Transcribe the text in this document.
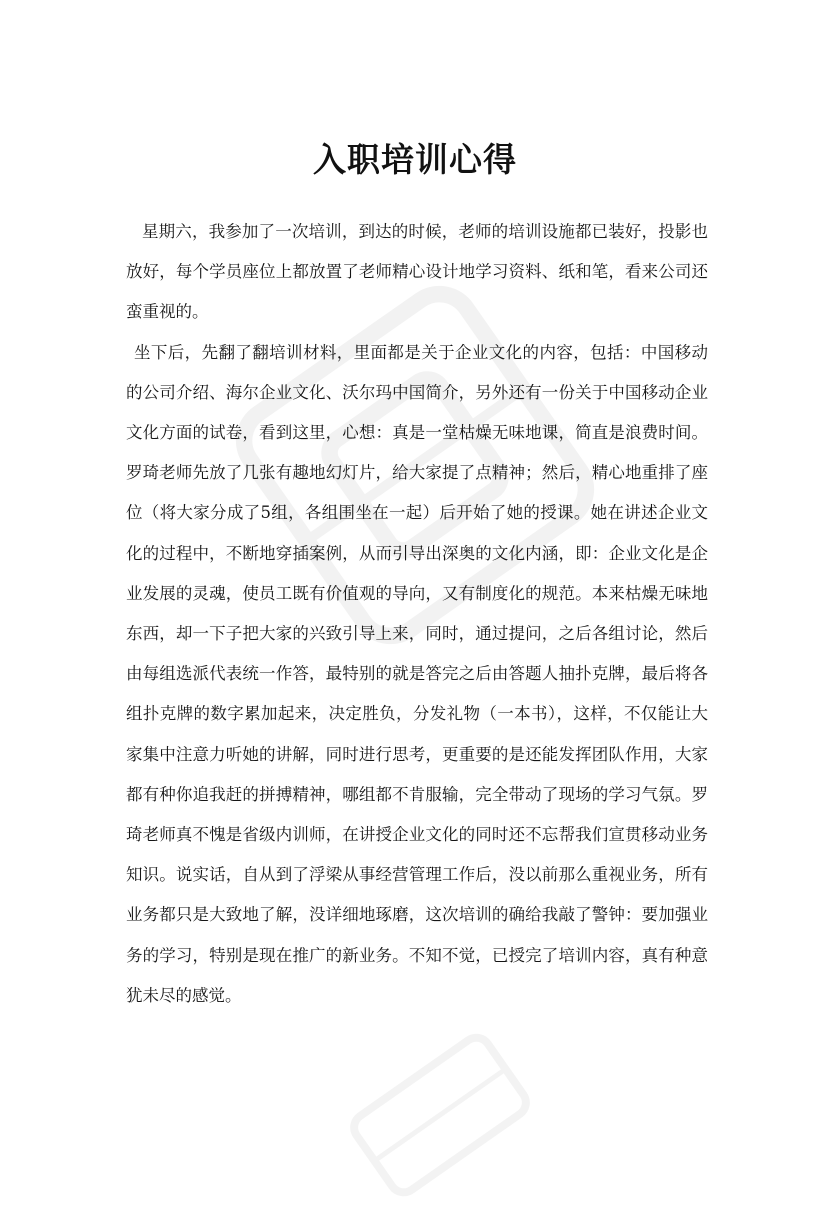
入职培训心得

星期六，我参加了一次培训，到达的时候，老师的培训设施都已装好，投影也放好，每个学员座位上都放置了老师精心设计地学习资料、纸和笔，看来公司还蛮重视的。

坐下后，先翻了翻培训材料，里面都是关于企业文化的内容，包括：中国移动的公司介绍、海尔企业文化、沃尔玛中国简介，另外还有一份关于中国移动企业文化方面的试卷，看到这里，心想：真是一堂枯燥无味地课，简直是浪费时间。罗琦老师先放了几张有趣地幻灯片，给大家提了点精神；然后，精心地重排了座位（将大家分成了5组，各组围坐在一起）后开始了她的授课。她在讲述企业文化的过程中，不断地穿插案例，从而引导出深奥的文化内涵，即：企业文化是企业发展的灵魂，使员工既有价值观的导向，又有制度化的规范。本来枯燥无味地东西，却一下子把大家的兴致引导上来，同时，通过提问，之后各组讨论，然后由每组选派代表统一作答，最特别的就是答完之后由答题人抽扑克牌，最后将各组扑克牌的数字累加起来，决定胜负，分发礼物（一本书），这样，不仅能让大家集中注意力听她的讲解，同时进行思考，更重要的是还能发挥团队作用，大家都有种你追我赶的拼搏精神，哪组都不肯服输，完全带动了现场的学习气氛。罗琦老师真不愧是省级内训师，在讲授企业文化的同时还不忘帮我们宣贯移动业务知识。说实话，自从到了浮梁从事经营管理工作后，没以前那么重视业务，所有业务都只是大致地了解，没详细地琢磨，这次培训的确给我敲了警钟：要加强业务的学习，特别是现在推广的新业务。不知不觉，已授完了培训内容，真有种意犹未尽的感觉。
